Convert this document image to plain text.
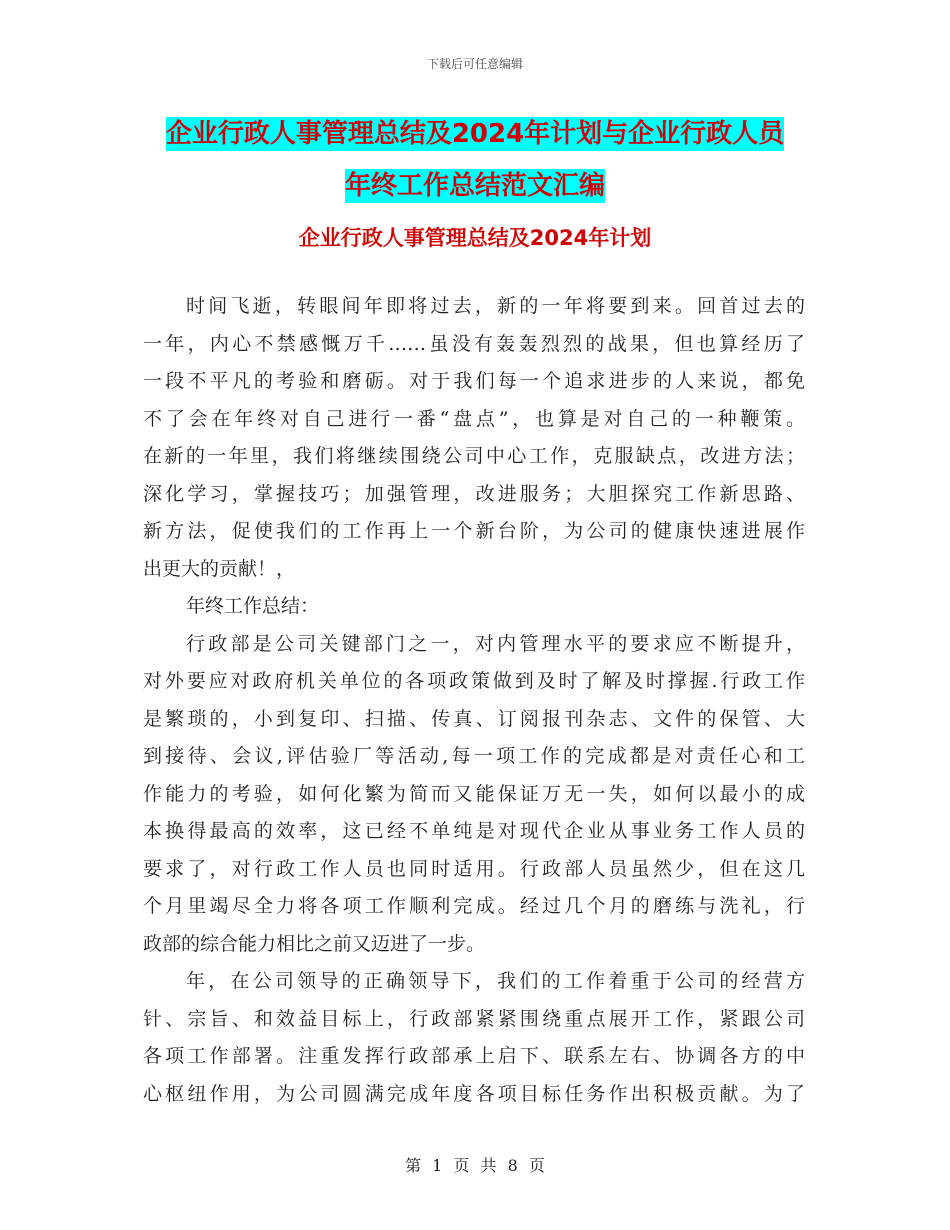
下载后可任意编辑
企业行政人事管理总结及2024年计划与企业行政人员
年终工作总结范文汇编
企业行政人事管理总结及2024年计划
时间飞逝，转眼间年即将过去，新的一年将要到来。回首过去的
一年，内心不禁感慨万千……虽没有轰轰烈烈的战果，但也算经历了
一段不平凡的考验和磨砺。对于我们每一个追求进步的人来说，都免
不了会在年终对自己进行一番“盘点”，也算是对自己的一种鞭策。
在新的一年里，我们将继续围绕公司中心工作，克服缺点，改进方法；
深化学习，掌握技巧；加强管理，改进服务；大胆探究工作新思路、
新方法，促使我们的工作再上一个新台阶，为公司的健康快速进展作
出更大的贡献！，
年终工作总结：
行政部是公司关键部门之一，对内管理水平的要求应不断提升，
对外要应对政府机关单位的各项政策做到及时了解及时撑握.行政工作
是繁琐的，小到复印、扫描、传真、订阅报刊杂志、文件的保管、大
到接待、会议,评估验厂等活动,每一项工作的完成都是对责任心和工
作能力的考验，如何化繁为简而又能保证万无一失，如何以最小的成
本换得最高的效率，这已经不单纯是对现代企业从事业务工作人员的
要求了，对行政工作人员也同时适用。行政部人员虽然少，但在这几
个月里竭尽全力将各项工作顺利完成。经过几个月的磨练与洗礼，行
政部的综合能力相比之前又迈进了一步。
年，在公司领导的正确领导下，我们的工作着重于公司的经营方
针、宗旨、和效益目标上，行政部紧紧围绕重点展开工作，紧跟公司
各项工作部署。注重发挥行政部承上启下、联系左右、协调各方的中
心枢纽作用，为公司圆满完成年度各项目标任务作出积极贡献。为了
第 1 页 共 8 页
